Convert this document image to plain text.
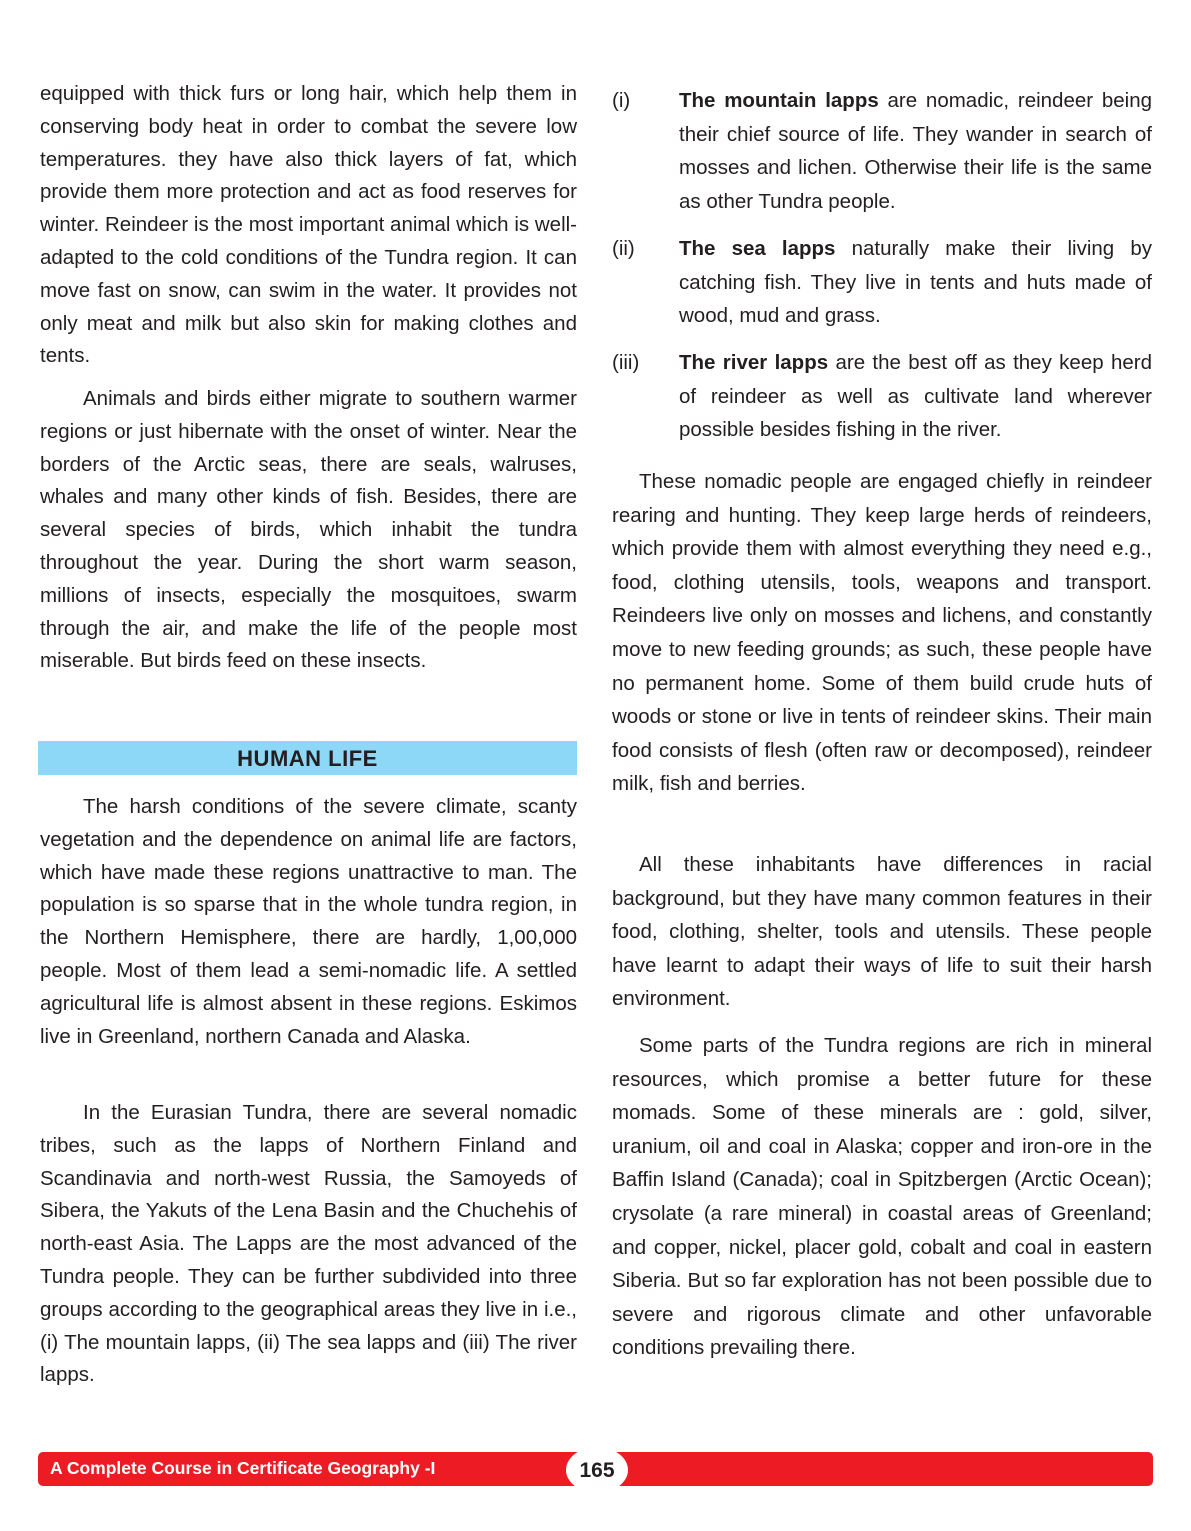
equipped with thick furs or long hair, which help them in conserving body heat in order to combat the severe low temperatures. they have also thick layers of fat, which provide them more protection and act as food reserves for winter. Reindeer is the most important animal which is well-adapted to the cold conditions of the Tundra region. It can move fast on snow, can swim in the water. It provides not only meat and milk but also skin for making clothes and tents.

Animals and birds either migrate to southern warmer regions or just hibernate with the onset of winter. Near the borders of the Arctic seas, there are seals, walruses, whales and many other kinds of fish. Besides, there are several species of birds, which inhabit the tundra throughout the year. During the short warm season, millions of insects, especially the mosquitoes, swarm through the air, and make the life of the people most miserable. But birds feed on these insects.

HUMAN LIFE

The harsh conditions of the severe climate, scanty vegetation and the dependence on animal life are factors, which have made these regions unattractive to man. The population is so sparse that in the whole tundra region, in the Northern Hemisphere, there are hardly, 1,00,000 people. Most of them lead a semi-nomadic life. A settled agricultural life is almost absent in these regions. Eskimos live in Greenland, northern Canada and Alaska.

In the Eurasian Tundra, there are several nomadic tribes, such as the lapps of Northern Finland and Scandinavia and north-west Russia, the Samoyeds of Sibera, the Yakuts of the Lena Basin and the Chuchehis of north-east Asia. The Lapps are the most advanced of the Tundra people. They can be further subdivided into three groups according to the geographical areas they live in i.e., (i) The mountain lapps, (ii) The sea lapps and (iii) The river lapps.

(i) The mountain lapps are nomadic, reindeer being their chief source of life. They wander in search of mosses and lichen. Otherwise their life is the same as other Tundra people.
(ii) The sea lapps naturally make their living by catching fish. They live in tents and huts made of wood, mud and grass.
(iii) The river lapps are the best off as they keep herd of reindeer as well as cultivate land wherever possible besides fishing in the river.

These nomadic people are engaged chiefly in reindeer rearing and hunting. They keep large herds of reindeers, which provide them with almost everything they need e.g., food, clothing utensils, tools, weapons and transport. Reindeers live only on mosses and lichens, and constantly move to new feeding grounds; as such, these people have no permanent home. Some of them build crude huts of woods or stone or live in tents of reindeer skins. Their main food consists of flesh (often raw or decomposed), reindeer milk, fish and berries.

All these inhabitants have differences in racial background, but they have many common features in their food, clothing, shelter, tools and utensils. These people have learnt to adapt their ways of life to suit their harsh environment.

Some parts of the Tundra regions are rich in mineral resources, which promise a better future for these momads. Some of these minerals are : gold, silver, uranium, oil and coal in Alaska; copper and iron-ore in the Baffin Island (Canada); coal in Spitzbergen (Arctic Ocean); crysolate (a rare mineral) in coastal areas of Greenland; and copper, nickel, placer gold, cobalt and coal in eastern Siberia. But so far exploration has not been possible due to severe and rigorous climate and other unfavorable conditions prevailing there.

A Complete Course in Certificate Geography -I	165
